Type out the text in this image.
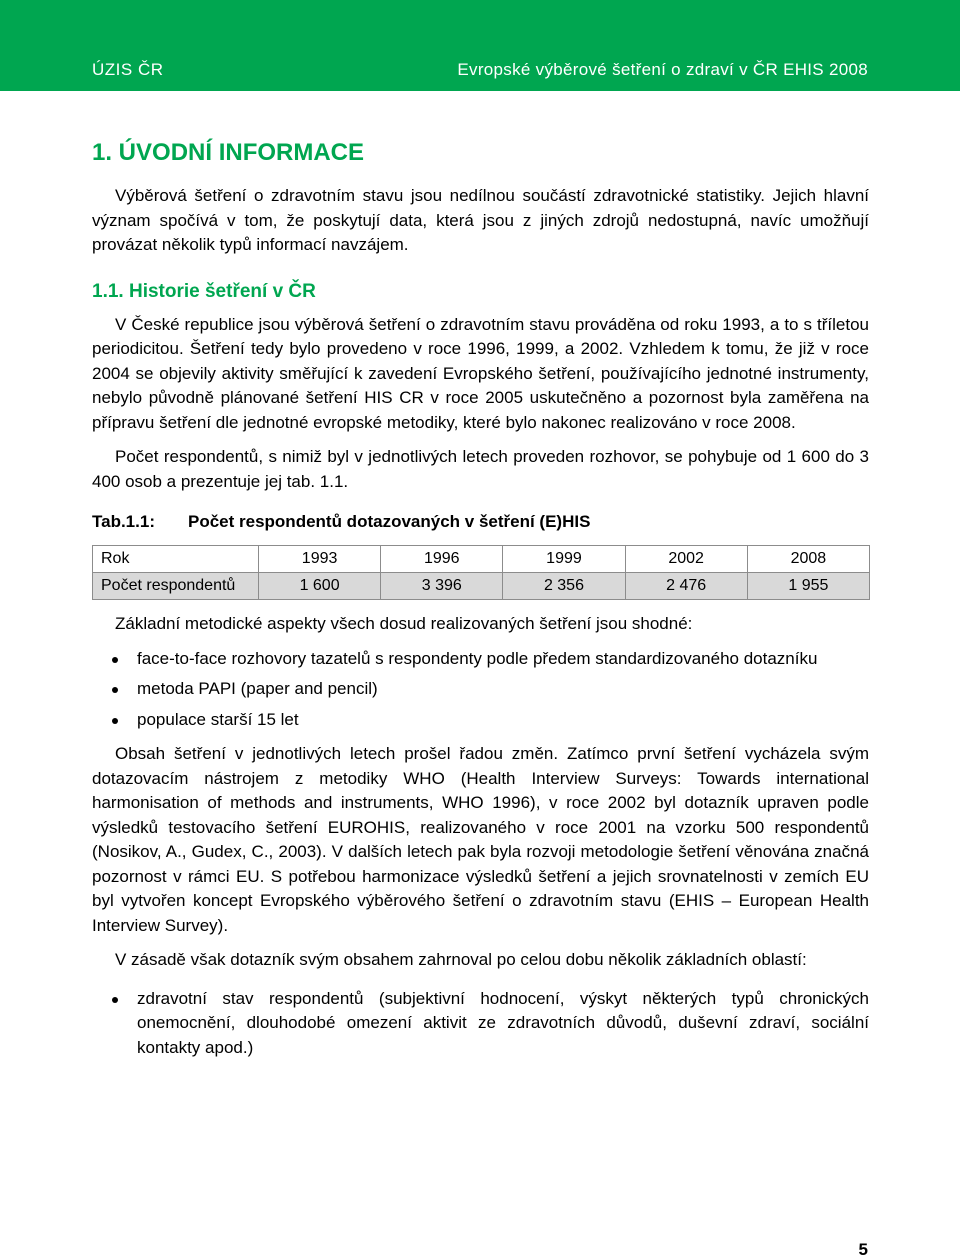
ÚZIS ČR	Evropské výběrové šetření o zdraví v ČR EHIS 2008
1. ÚVODNÍ INFORMACE

Výběrová šetření o zdravotním stavu jsou nedílnou součástí zdravotnické statistiky. Jejich hlavní význam spočívá v tom, že poskytují data, která jsou z jiných zdrojů nedostupná, navíc umožňují provázat několik typů informací navzájem.

1.1. Historie šetření v ČR

V České republice jsou výběrová šetření o zdravotním stavu prováděna od roku 1993, a to s tříletou periodicitou. Šetření tedy bylo provedeno v roce 1996, 1999, a 2002. Vzhledem k tomu, že již v roce 2004 se objevily aktivity směřující k zavedení Evropského šetření, používajícího jednotné instrumenty, nebylo původně plánované šetření HIS CR v roce 2005 uskutečněno a pozornost byla zaměřena na přípravu šetření dle jednotné evropské metodiky, které bylo nakonec realizováno v roce 2008.

Počet respondentů, s nimiž byl v jednotlivých letech proveden rozhovor, se pohybuje od 1 600 do 3 400 osob a prezentuje jej tab. 1.1.

Tab.1.1: Počet respondentů dotazovaných v šetření (E)HIS
Rok	1993	1996	1999	2002	2008
Počet respondentů	1 600	3 396	2 356	2 476	1 955

Základní metodické aspekty všech dosud realizovaných šetření jsou shodné:

face-to-face rozhovory tazatelů s respondenty podle předem standardizovaného dotazníku
metoda PAPI (paper and pencil)
populace starší 15 let

Obsah šetření v jednotlivých letech prošel řadou změn. Zatímco první šetření vycházela svým dotazovacím nástrojem z metodiky WHO (Health Interview Surveys: Towards international harmonisation of methods and instruments, WHO 1996), v roce 2002 byl dotazník upraven podle výsledků testovacího šetření EUROHIS, realizovaného v roce 2001 na vzorku 500 respondentů (Nosikov, A., Gudex, C., 2003). V dalších letech pak byla rozvoji metodologie šetření věnována značná pozornost v rámci EU. S potřebou harmonizace výsledků šetření a jejich srovnatelnosti v zemích EU byl vytvořen koncept Evropského výběrového šetření o zdravotním stavu (EHIS – European Health Interview Survey).

V zásadě však dotazník svým obsahem zahrnoval po celou dobu několik základních oblastí:

zdravotní stav respondentů (subjektivní hodnocení, výskyt některých typů chronických onemocnění, dlouhodobé omezení aktivit ze zdravotních důvodů, duševní zdraví, sociální kontakty apod.)
5
